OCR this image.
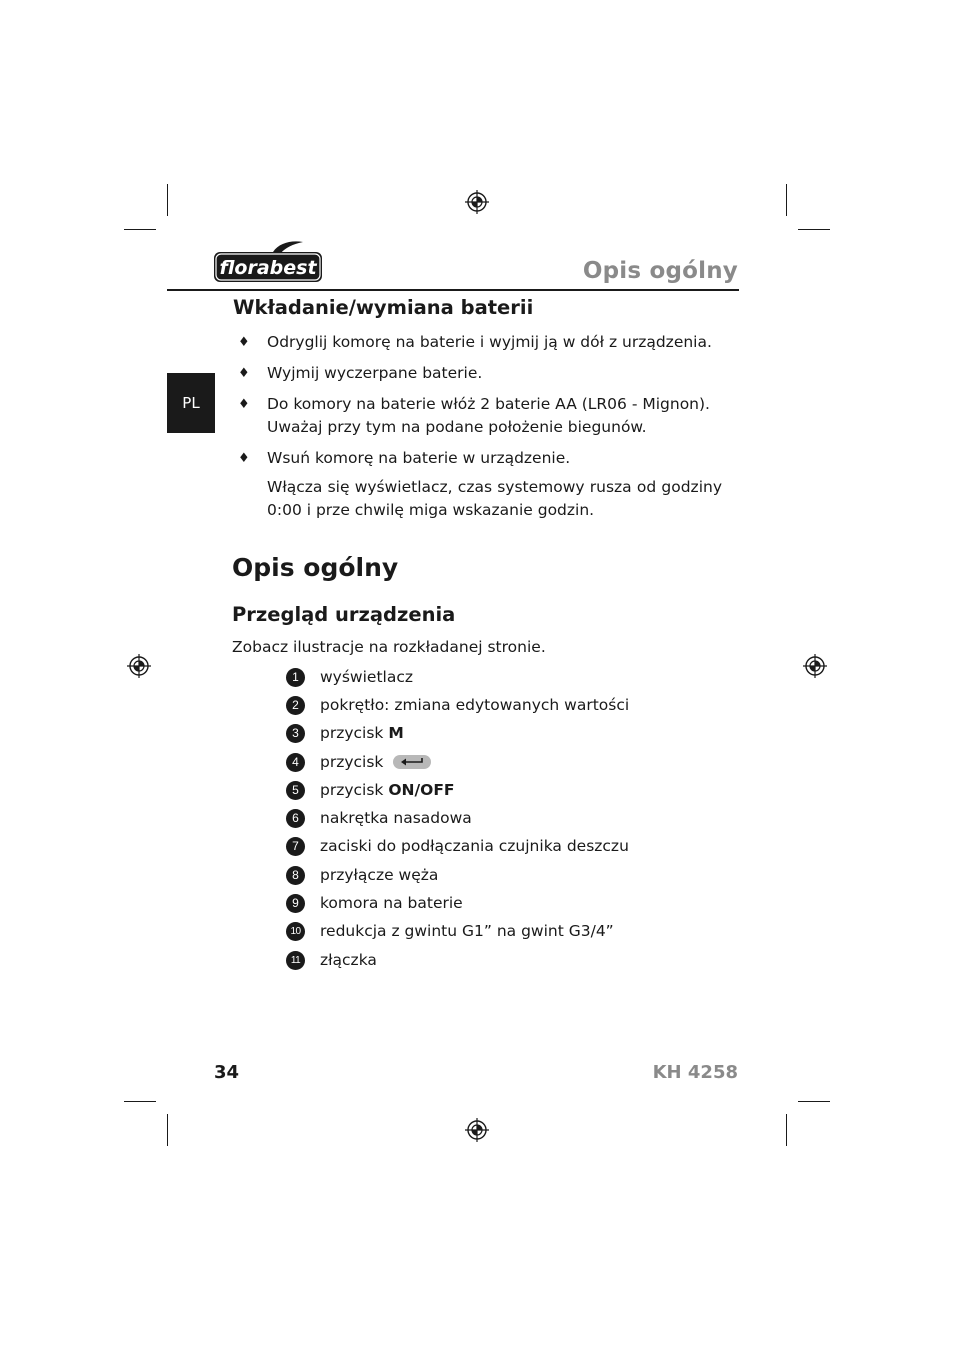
florabest	Opis ogólny
PL
Wkładanie/wymiana baterii
♦ Odryglij komorę na baterie i wyjmij ją w dół z urządzenia.
♦ Wyjmij wyczerpane baterie.
♦ Do komory na baterie włóż 2 baterie AA (LR06 - Mignon). Uważaj przy tym na podane położenie biegunów.
♦ Wsuń komorę na baterie w urządzenie.
Włącza się wyświetlacz, czas systemowy rusza od godziny 0:00 i prze chwilę miga wskazanie godzin.
Opis ogólny
Przegląd urządzenia
Zobacz ilustracje na rozkładanej stronie.
1	wyświetlacz
2	pokrętło: zmiana edytowanych wartości
3	przycisk M
4	przycisk
5	przycisk ON/OFF
6	nakrętka nasadowa
7	zaciski do podłączania czujnika deszczu
8	przyłącze węża
9	komora na baterie
10 redukcja z gwintu G1” na gwint G3/4”
11	złączka
34	KH 4258
